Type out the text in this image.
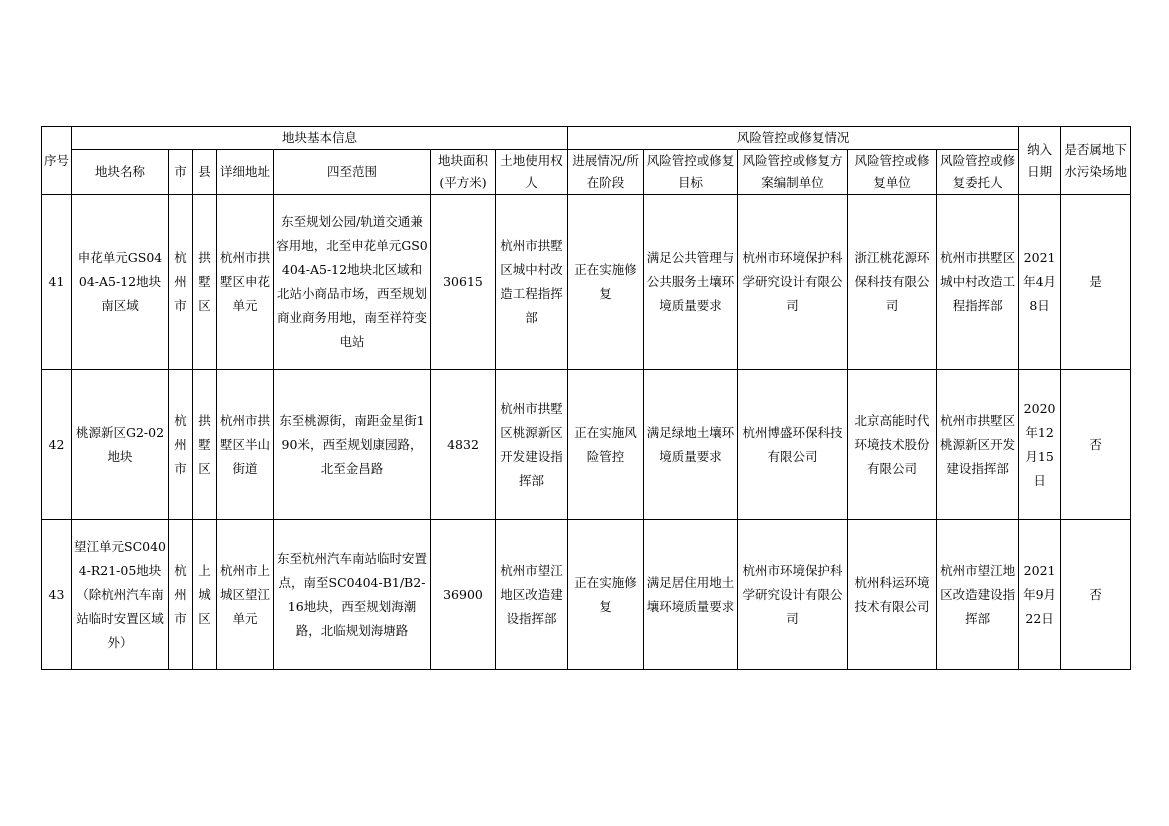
序号	地块基本信息							风险管控或修复情况					纳入日期	是否属地下水污染场地
	地块名称	市	县	详细地址	四至范围	地块面积(平方米)	土地使用权人	进展情况/所在阶段	风险管控或修复目标	风险管控或修复方案编制单位	风险管控或修复单位	风险管控或修复委托人		
41	申花单元GS0404-A5-12地块南区域	杭州市	拱墅区	杭州市拱墅区申花单元	东至规划公园/轨道交通兼容用地，北至申花单元GS0404-A5-12地块北区域和北站小商品市场，西至规划商业商务用地，南至祥符变电站	30615	杭州市拱墅区城中村改造工程指挥部	正在实施修复	满足公共管理与公共服务土壤环境质量要求	杭州市环境保护科学研究设计有限公司	浙江桃花源环保科技有限公司	杭州市拱墅区城中村改造工程指挥部	2021年4月8日	是
42	桃源新区G2-02地块	杭州市	拱墅区	杭州市拱墅区半山街道	东至桃源街，南距金星街190米，西至规划康园路，北至金昌路	4832	杭州市拱墅区桃源新区开发建设指挥部	正在实施风险管控	满足绿地土壤环境质量要求	杭州博盛环保科技有限公司	北京高能时代环境技术股份有限公司	杭州市拱墅区桃源新区开发建设指挥部	2020年12月15日	否
43	望江单元SC0404-R21-05地块（除杭州汽车南站临时安置区域外）	杭州市	上城区	杭州市上城区望江单元	东至杭州汽车南站临时安置点，南至SC0404-B1/B2-16地块，西至规划海潮路，北临规划海塘路	36900	杭州市望江地区改造建设指挥部	正在实施修复	满足居住用地土壤环境质量要求	杭州市环境保护科学研究设计有限公司	杭州科运环境技术有限公司	杭州市望江地区改造建设指挥部	2021年9月22日	否
